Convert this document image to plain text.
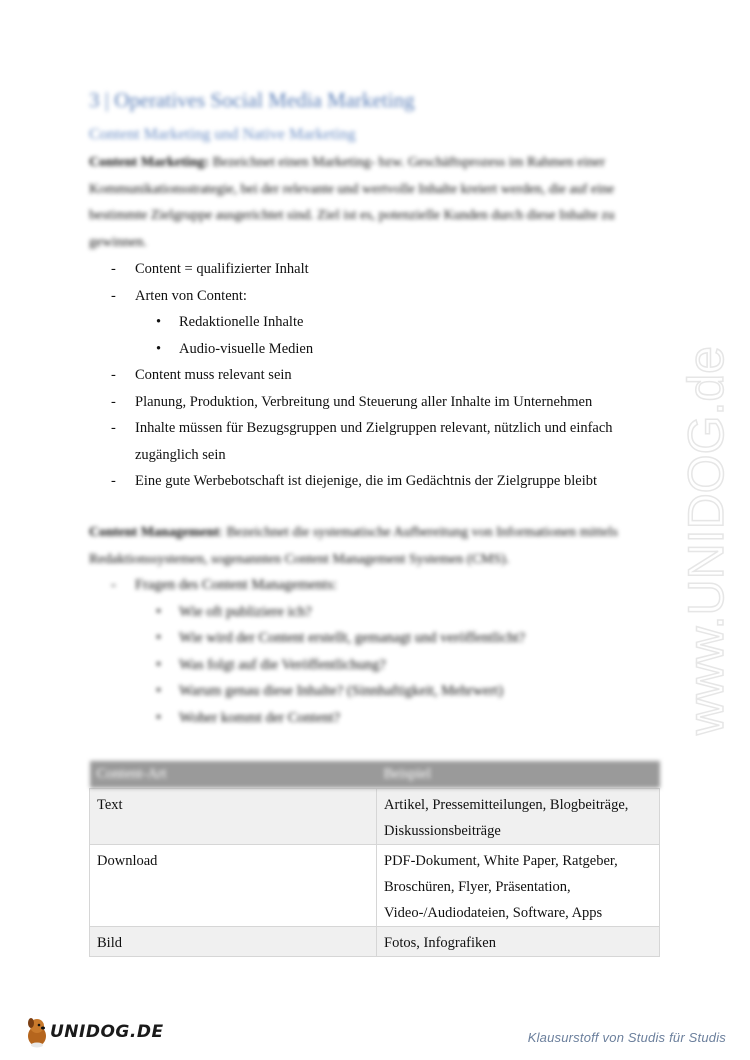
3 | Operatives Social Media Marketing
Content Marketing und Native Marketing
Content Marketing: Bezeichnet einen Marketing- bzw. Geschäftsprozess im Rahmen einer Kommunikationsstrategie, bei der relevante und wertvolle Inhalte kreiert werden, die auf eine bestimmte Zielgruppe ausgerichtet sind. Ziel ist es, potenzielle Kunden durch diese Inhalte zu gewinnen.
- Content = qualifizierter Inhalt
- Arten von Content:
• Redaktionelle Inhalte
• Audio-visuelle Medien
- Content muss relevant sein
- Planung, Produktion, Verbreitung und Steuerung aller Inhalte im Unternehmen
- Inhalte müssen für Bezugsgruppen und Zielgruppen relevant, nützlich und einfach zugänglich sein
- Eine gute Werbebotschaft ist diejenige, die im Gedächtnis der Zielgruppe bleibt
Content Management: Bezeichnet die systematische Aufbereitung von Informationen mittels Redaktionssystemen, sogenannten Content Management Systemen (CMS).
- Fragen des Content Managements:
• Wie oft publiziere ich?
• Wie wird der Content erstellt, gemanagt und veröffentlicht?
• Was folgt auf die Veröffentlichung?
• Warum genau diese Inhalte? (Sinnhaftigkeit, Mehrwert)
• Woher kommt der Content?
Content-Art	Beispiel
Text	Artikel, Pressemitteilungen, Blogbeiträge, Diskussionsbeiträge
Download	PDF-Dokument, White Paper, Ratgeber, Broschüren, Flyer, Präsentation, Video-/Audiodateien, Software, Apps
Bild	Fotos, Infografiken
www.UNIDOG.de
UNIDOG.DE	Klausurstoff von Studis für Studis
